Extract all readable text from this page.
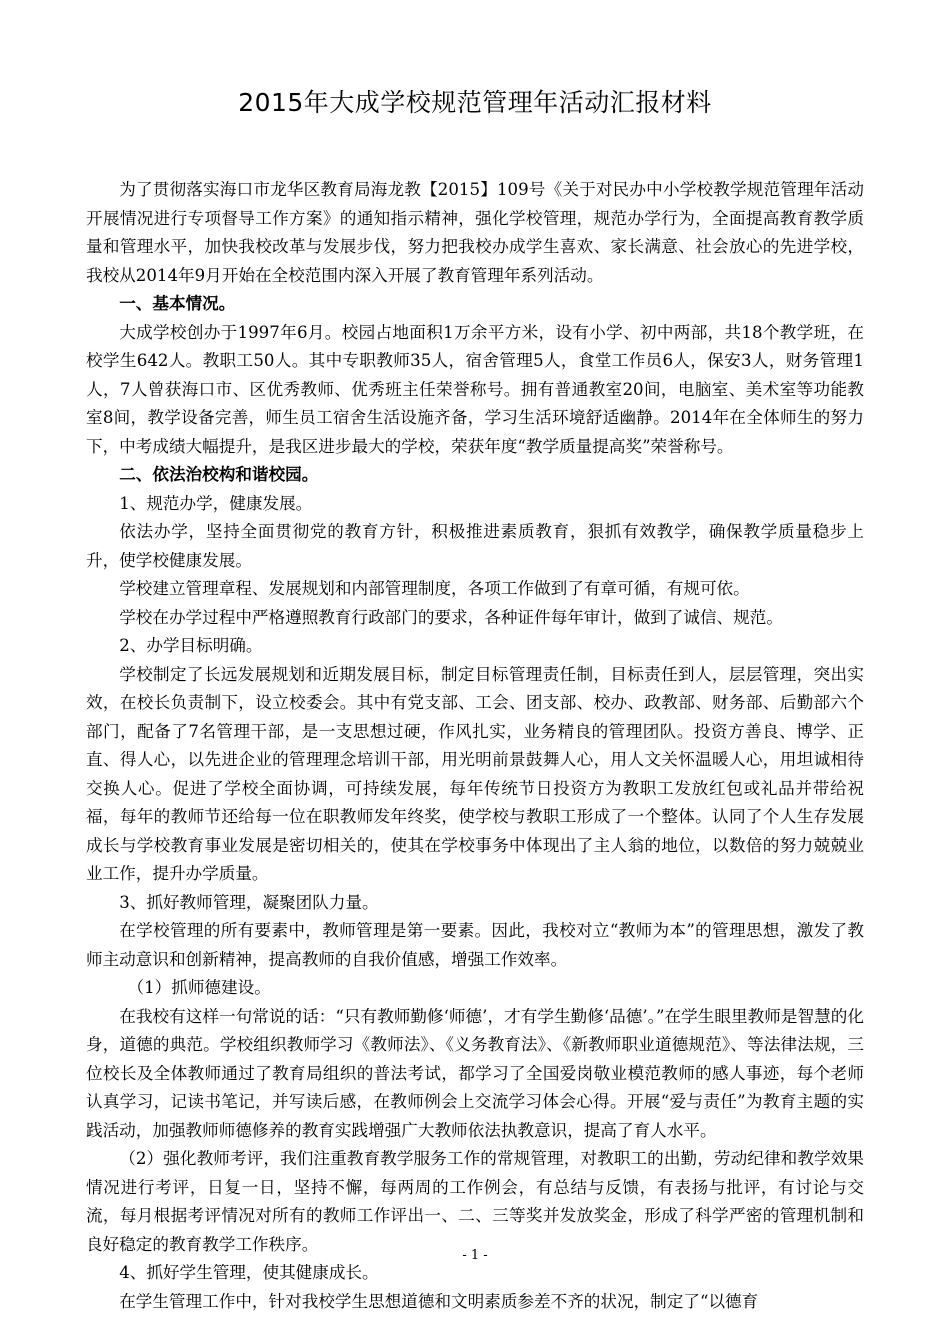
2015年大成学校规范管理年活动汇报材料

为了贯彻落实海口市龙华区教育局海龙教【2015】109号《关于对民办中小学校教学规范管理年活动开展情况进行专项督导工作方案》的通知指示精神，强化学校管理，规范办学行为，全面提高教育教学质量和管理水平，加快我校改革与发展步伐，努力把我校办成学生喜欢、家长满意、社会放心的先进学校，我校从2014年9月开始在全校范围内深入开展了教育管理年系列活动。

一、基本情况。

大成学校创办于1997年6月。校园占地面积1万余平方米，设有小学、初中两部，共18个教学班，在校学生642人。教职工50人。其中专职教师35人，宿舍管理5人，食堂工作员6人，保安3人，财务管理1人，7人曾获海口市、区优秀教师、优秀班主任荣誉称号。拥有普通教室20间，电脑室、美术室等功能教室8间，教学设备完善，师生员工宿舍生活设施齐备，学习生活环境舒适幽静。2014年在全体师生的努力下，中考成绩大幅提升，是我区进步最大的学校，荣获年度“教学质量提高奖”荣誉称号。

二、依法治校构和谐校园。

1、规范办学，健康发展。

依法办学，坚持全面贯彻党的教育方针，积极推进素质教育，狠抓有效教学，确保教学质量稳步上升，使学校健康发展。

学校建立管理章程、发展规划和内部管理制度，各项工作做到了有章可循，有规可依。

学校在办学过程中严格遵照教育行政部门的要求，各种证件每年审计，做到了诚信、规范。

2、办学目标明确。

学校制定了长远发展规划和近期发展目标，制定目标管理责任制，目标责任到人，层层管理，突出实效，在校长负责制下，设立校委会。其中有党支部、工会、团支部、校办、政教部、财务部、后勤部六个部门，配备了7名管理干部，是一支思想过硬，作风扎实，业务精良的管理团队。投资方善良、博学、正直、得人心，以先进企业的管理理念培训干部，用光明前景鼓舞人心，用人文关怀温暖人心，用坦诚相待交换人心。促进了学校全面协调，可持续发展，每年传统节日投资方为教职工发放红包或礼品并带给祝福，每年的教师节还给每一位在职教师发年终奖，使学校与教职工形成了一个整体。认同了个人生存发展成长与学校教育事业发展是密切相关的，使其在学校事务中体现出了主人翁的地位，以数倍的努力兢兢业业工作，提升办学质量。

3、抓好教师管理，凝聚团队力量。

在学校管理的所有要素中，教师管理是第一要素。因此，我校对立“教师为本”的管理思想，激发了教师主动意识和创新精神，提高教师的自我价值感，增强工作效率。

（1）抓师德建设。

在我校有这样一句常说的话：“只有教师勤修‘师德’，才有学生勤修‘品德’。”在学生眼里教师是智慧的化身，道德的典范。学校组织教师学习《教师法》、《义务教育法》、《新教师职业道德规范》、等法律法规，三位校长及全体教师通过了教育局组织的普法考试，都学习了全国爱岗敬业模范教师的感人事迹，每个老师认真学习，记读书笔记，并写读后感，在教师例会上交流学习体会心得。开展“爱与责任”为教育主题的实践活动，加强教师师德修养的教育实践增强广大教师依法执教意识，提高了育人水平。

（2）强化教师考评，我们注重教育教学服务工作的常规管理，对教职工的出勤，劳动纪律和教学效果情况进行考评，日复一日，坚持不懈，每两周的工作例会，有总结与反馈，有表扬与批评，有讨论与交流，每月根据考评情况对所有的教师工作评出一、二、三等奖并发放奖金，形成了科学严密的管理机制和良好稳定的教育教学工作秩序。

4、抓好学生管理，使其健康成长。

在学生管理工作中，针对我校学生思想道德和文明素质参差不齐的状况，制定了“以德育

- 1 -
